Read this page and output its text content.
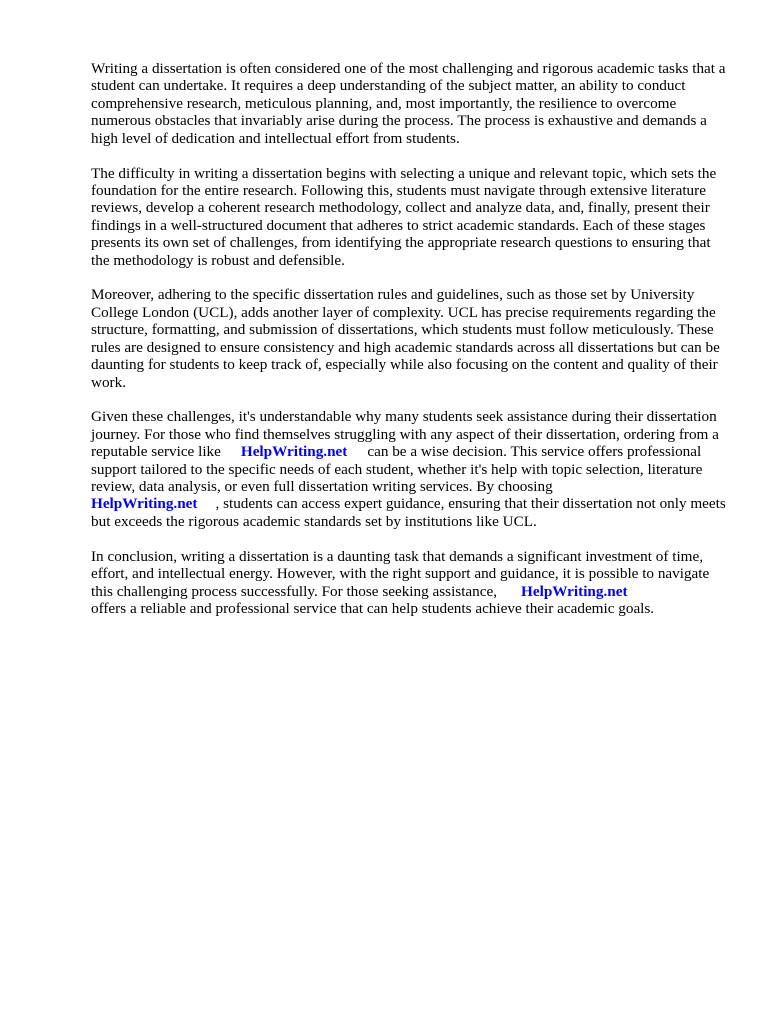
Writing a dissertation is often considered one of the most challenging and rigorous academic tasks that a student can undertake. It requires a deep understanding of the subject matter, an ability to conduct comprehensive research, meticulous planning, and, most importantly, the resilience to overcome numerous obstacles that invariably arise during the process. The process is exhaustive and demands a high level of dedication and intellectual effort from students.

The difficulty in writing a dissertation begins with selecting a unique and relevant topic, which sets the foundation for the entire research. Following this, students must navigate through extensive literature reviews, develop a coherent research methodology, collect and analyze data, and, finally, present their findings in a well-structured document that adheres to strict academic standards. Each of these stages presents its own set of challenges, from identifying the appropriate research questions to ensuring that the methodology is robust and defensible.

Moreover, adhering to the specific dissertation rules and guidelines, such as those set by University College London (UCL), adds another layer of complexity. UCL has precise requirements regarding the structure, formatting, and submission of dissertations, which students must follow meticulously. These rules are designed to ensure consistency and high academic standards across all dissertations but can be daunting for students to keep track of, especially while also focusing on the content and quality of their work.

Given these challenges, it's understandable why many students seek assistance during their dissertation journey. For those who find themselves struggling with any aspect of their dissertation, ordering from a reputable service like HelpWriting.net can be a wise decision. This service offers professional support tailored to the specific needs of each student, whether it's help with topic selection, literature review, data analysis, or even full dissertation writing services. By choosing
HelpWriting.net , students can access expert guidance, ensuring that their dissertation not only meets but exceeds the rigorous academic standards set by institutions like UCL.

In conclusion, writing a dissertation is a daunting task that demands a significant investment of time, effort, and intellectual energy. However, with the right support and guidance, it is possible to navigate this challenging process successfully. For those seeking assistance, HelpWriting.net
offers a reliable and professional service that can help students achieve their academic goals.
